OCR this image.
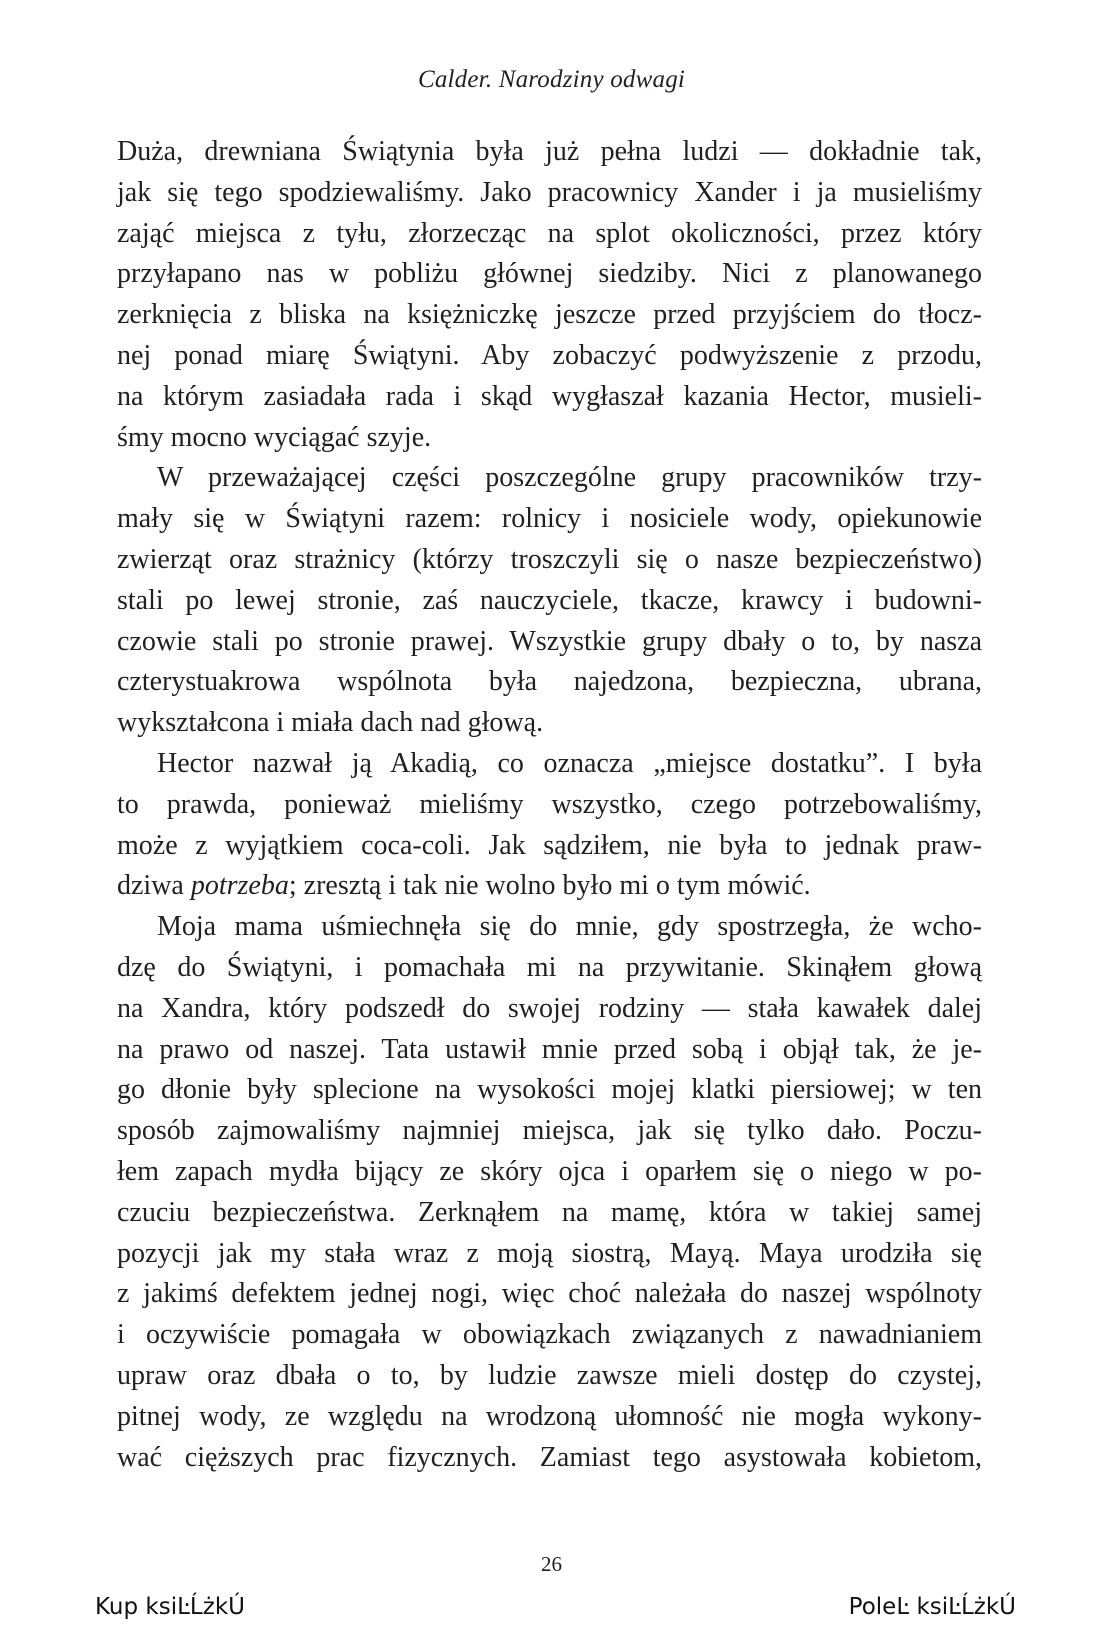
Calder. Narodziny odwagi
Duża, drewniana Świątynia była już pełna ludzi — dokładnie tak,
jak się tego spodziewaliśmy. Jako pracownicy Xander i ja musieliśmy
zająć miejsca z tyłu, złorzecząc na splot okoliczności, przez który
przyłapano nas w pobliżu głównej siedziby. Nici z planowanego
zerknięcia z bliska na księżniczkę jeszcze przed przyjściem do tłocz-
nej ponad miarę Świątyni. Aby zobaczyć podwyższenie z przodu,
na którym zasiadała rada i skąd wygłaszał kazania Hector, musieli-
śmy mocno wyciągać szyje.
W przeważającej części poszczególne grupy pracowników trzy-
mały się w Świątyni razem: rolnicy i nosiciele wody, opiekunowie
zwierząt oraz strażnicy (którzy troszczyli się o nasze bezpieczeństwo)
stali po lewej stronie, zaś nauczyciele, tkacze, krawcy i budowni-
czowie stali po stronie prawej. Wszystkie grupy dbały o to, by nasza
czterystuakrowa wspólnota była najedzona, bezpieczna, ubrana,
wykształcona i miała dach nad głową.
Hector nazwał ją Akadią, co oznacza „miejsce dostatku”. I była
to prawda, ponieważ mieliśmy wszystko, czego potrzebowaliśmy,
może z wyjątkiem coca-coli. Jak sądziłem, nie była to jednak praw-
dziwa potrzeba; zresztą i tak nie wolno było mi o tym mówić.
Moja mama uśmiechnęła się do mnie, gdy spostrzegła, że wcho-
dzę do Świątyni, i pomachała mi na przywitanie. Skinąłem głową
na Xandra, który podszedł do swojej rodziny — stała kawałek dalej
na prawo od naszej. Tata ustawił mnie przed sobą i objął tak, że je-
go dłonie były splecione na wysokości mojej klatki piersiowej; w ten
sposób zajmowaliśmy najmniej miejsca, jak się tylko dało. Poczu-
łem zapach mydła bijący ze skóry ojca i oparłem się o niego w po-
czuciu bezpieczeństwa. Zerknąłem na mamę, która w takiej samej
pozycji jak my stała wraz z moją siostrą, Mayą. Maya urodziła się
z jakimś defektem jednej nogi, więc choć należała do naszej wspólnoty
i oczywiście pomagała w obowiązkach związanych z nawadnianiem
upraw oraz dbała o to, by ludzie zawsze mieli dostęp do czystej,
pitnej wody, ze względu na wrodzoną ułomność nie mogła wykony-
wać cięższych prac fizycznych. Zamiast tego asystowała kobietom,
26
Kup ksiĿĹżkÚ	PoleĿ ksiĿĹżkÚ
